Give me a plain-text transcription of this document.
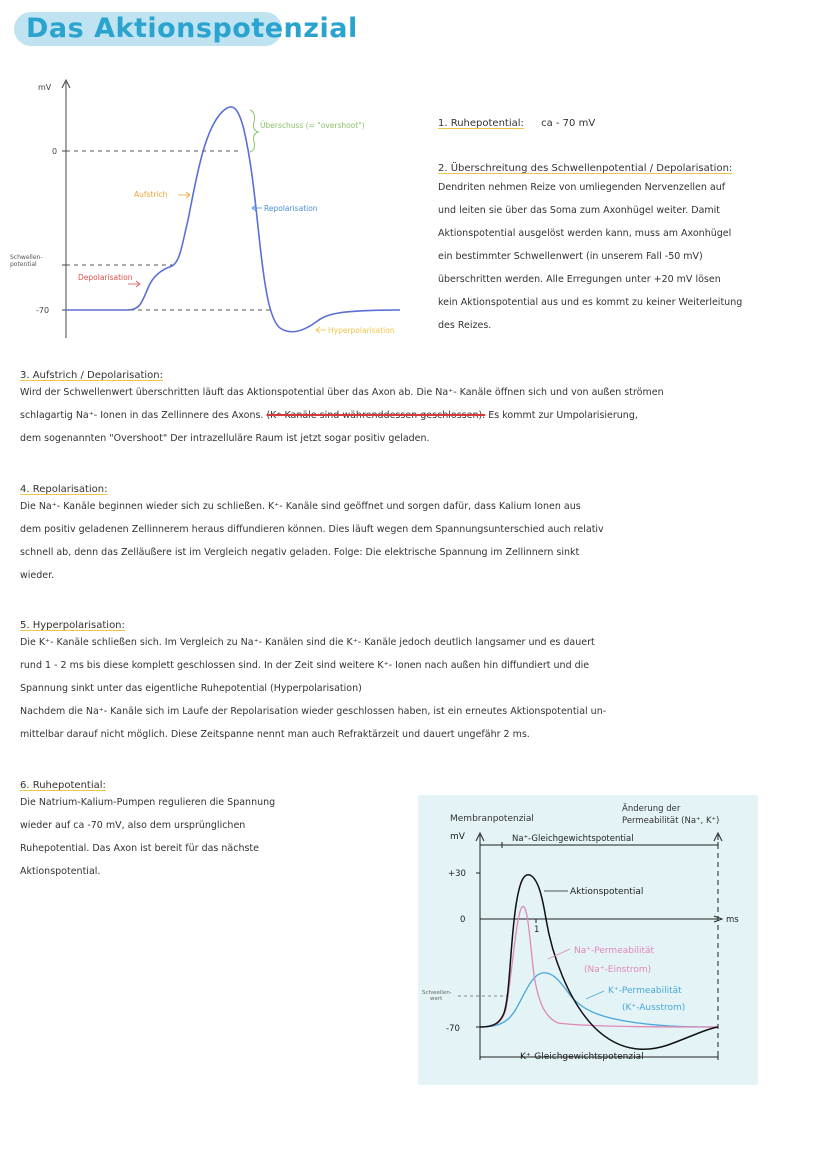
Das Aktionspotenzial
mV
0
Schwellen-
potential
-70
Überschuss (= "overshoot")
Aufstrich
Repolarisation
Depolarisation
Hyperpolarisation
1. Ruhepotential: ca - 70 mV
2. Überschreitung des Schwellenpotential / Depolarisation:
Dendriten nehmen Reize von umliegenden Nervenzellen auf
und leiten sie über das Soma zum Axonhügel weiter. Damit
Aktionspotential ausgelöst werden kann, muss am Axonhügel
ein bestimmter Schwellenwert (in unserem Fall -50 mV)
überschritten werden. Alle Erregungen unter +20 mV lösen
kein Aktionspotential aus und es kommt zu keiner Weiterleitung
des Reizes.
3. Aufstrich / Depolarisation:
Wird der Schwellenwert überschritten läuft das Aktionspotential über das Axon ab. Die Na⁺- Kanäle öffnen sich und von außen strömen
schlagartig Na⁺- Ionen in das Zellinnere des Axons. (K⁺ Kanäle sind währenddessen geschlossen). Es kommt zur Umpolarisierung,
dem sogenannten "Overshoot" Der intrazelluläre Raum ist jetzt sogar positiv geladen.
4. Repolarisation:
Die Na⁺- Kanäle beginnen wieder sich zu schließen. K⁺- Kanäle sind geöffnet und sorgen dafür, dass Kalium Ionen aus
dem positiv geladenen Zellinnerem heraus diffundieren können. Dies läuft wegen dem Spannungsunterschied auch relativ
schnell ab, denn das Zelläußere ist im Vergleich negativ geladen. Folge: Die elektrische Spannung im Zellinnern sinkt
wieder.
5. Hyperpolarisation:
Die K⁺- Kanäle schließen sich. Im Vergleich zu Na⁺- Kanälen sind die K⁺- Kanäle jedoch deutlich langsamer und es dauert
rund 1 - 2 ms bis diese komplett geschlossen sind. In der Zeit sind weitere K⁺- Ionen nach außen hin diffundiert und die
Spannung sinkt unter das eigentliche Ruhepotential (Hyperpolarisation)
Nachdem die Na⁺- Kanäle sich im Laufe der Repolarisation wieder geschlossen haben, ist ein erneutes Aktionspotential un-
mittelbar darauf nicht möglich. Diese Zeitspanne nennt man auch Refraktärzeit und dauert ungefähr 2 ms.
6. Ruhepotential:
Die Natrium-Kalium-Pumpen regulieren die Spannung
wieder auf ca -70 mV, also dem ursprünglichen
Ruhepotential. Das Axon ist bereit für das nächste
Aktionspotential.
Membranpotenzial
Änderung der
Permeabilität (Na⁺, K⁺)
mV	Na⁺-Gleichgewichtspotential
+30
0	ms
1
Schwellen-
wert
-70
K⁺-Gleichgewichtspotenzial
Aktionspotential
Na⁺-Permeabilität
(Na⁺-Einstrom)
K⁺-Permeabilität
(K⁺-Ausstrom)
